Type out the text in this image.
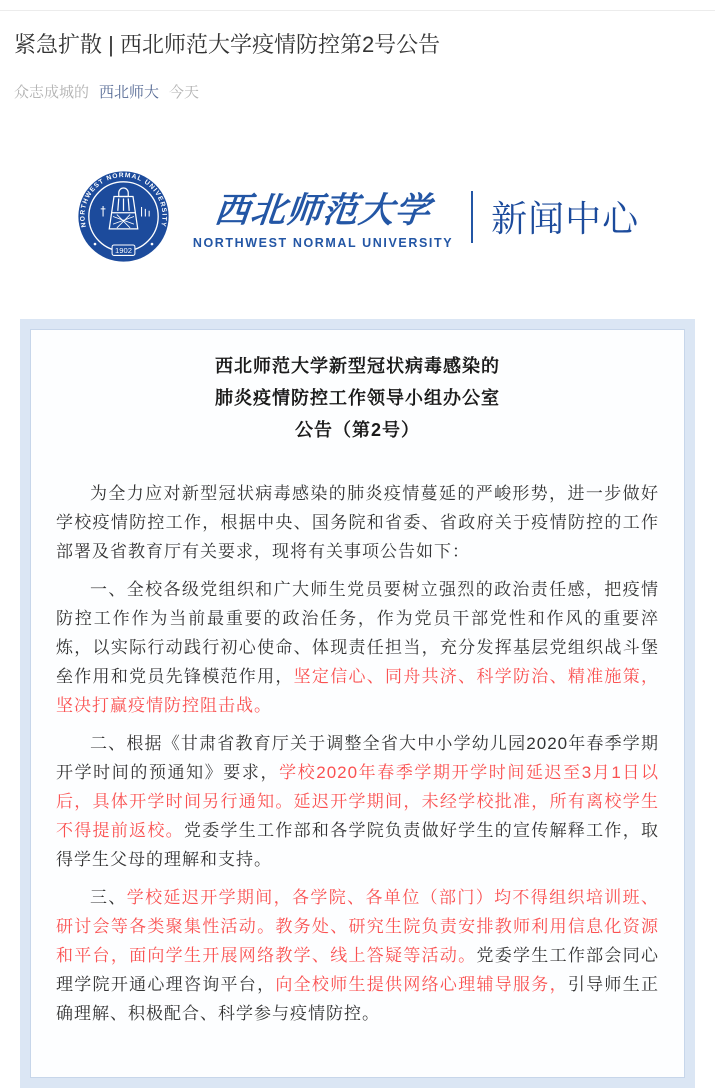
紧急扩散 | 西北师范大学疫情防控第2号公告
众志成城的 西北师大 今天
NORTHWEST NORMAL UNIVERSITY
1902
西北师范大学
NORTHWEST NORMAL UNIVERSITY
新闻中心
西北师范大学新型冠状病毒感染的
肺炎疫情防控工作领导小组办公室
公告（第2号）

为全力应对新型冠状病毒感染的肺炎疫情蔓延的严峻形势，进一步做好学校疫情防控工作，根据中央、国务院和省委、省政府关于疫情防控的工作部署及省教育厅有关要求，现将有关事项公告如下：

一、全校各级党组织和广大师生党员要树立强烈的政治责任感，把疫情防控工作作为当前最重要的政治任务，作为党员干部党性和作风的重要淬炼，以实际行动践行初心使命、体现责任担当，充分发挥基层党组织战斗堡垒作用和党员先锋模范作用，坚定信心、同舟共济、科学防治、精准施策，坚决打赢疫情防控阻击战。

二、根据《甘肃省教育厅关于调整全省大中小学幼儿园2020年春季学期开学时间的预通知》要求，学校2020年春季学期开学时间延迟至3月1日以后，具体开学时间另行通知。延迟开学期间，未经学校批准，所有离校学生不得提前返校。党委学生工作部和各学院负责做好学生的宣传解释工作，取得学生父母的理解和支持。

三、学校延迟开学期间，各学院、各单位（部门）均不得组织培训班、研讨会等各类聚集性活动。教务处、研究生院负责安排教师利用信息化资源和平台，面向学生开展网络教学、线上答疑等活动。党委学生工作部会同心理学院开通心理咨询平台，向全校师生提供网络心理辅导服务，引导师生正确理解、积极配合、科学参与疫情防控。
